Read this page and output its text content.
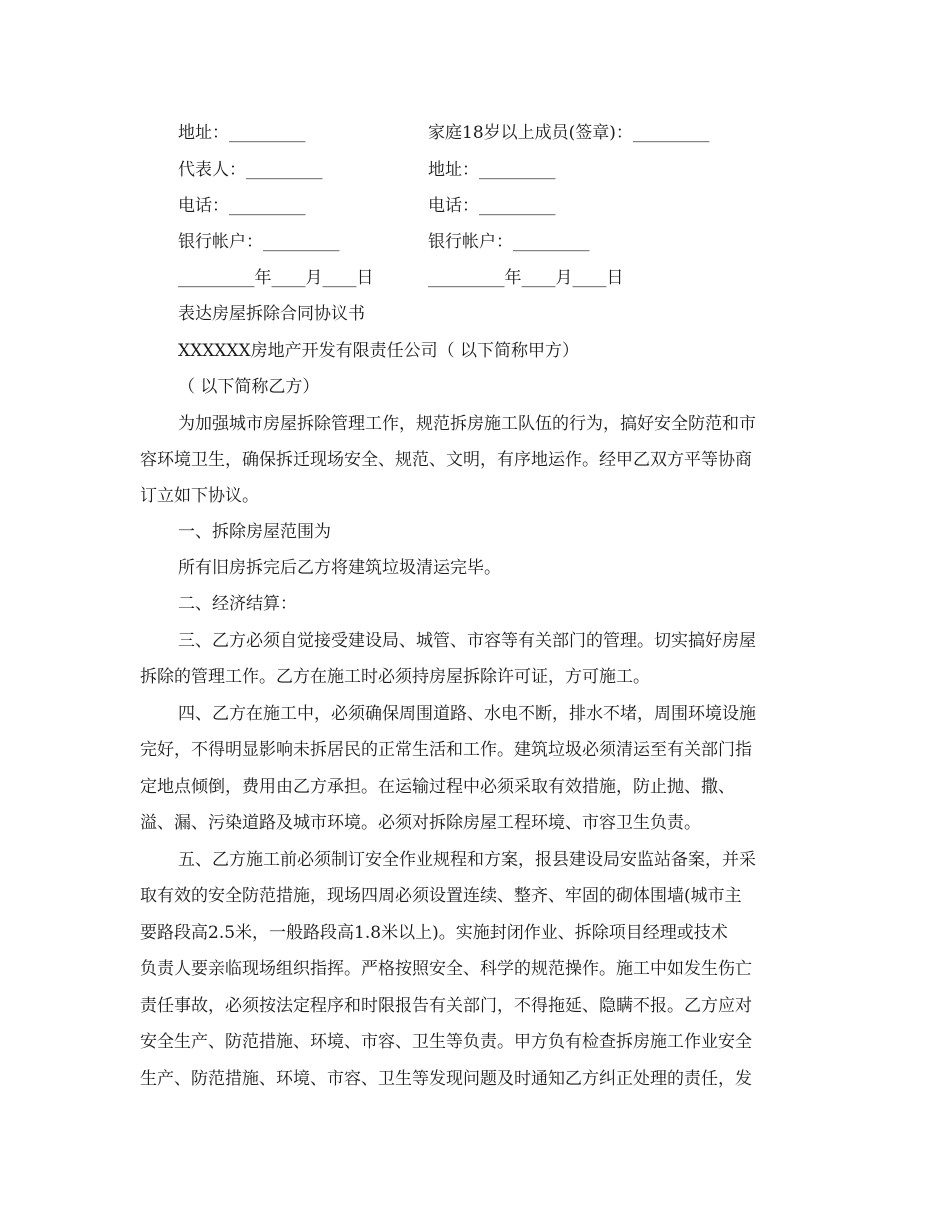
地址：_________	家庭18岁以上成员(签章)：_________
代表人：_________	地址：_________
电话：_________	电话：_________
银行帐户：_________	银行帐户：_________
_________年____月____日	_________年____月____日
表达房屋拆除合同协议书
XXXXXX房地产开发有限责任公司（ 以下简称甲方）
（ 以下简称乙方）
为加强城市房屋拆除管理工作，规范拆房施工队伍的行为，搞好安全防范和市
容环境卫生，确保拆迁现场安全、规范、文明，有序地运作。经甲乙双方平等协商
订立如下协议。
一、拆除房屋范围为
所有旧房拆完后乙方将建筑垃圾清运完毕。
二、经济结算：
三、乙方必须自觉接受建设局、城管、市容等有关部门的管理。切实搞好房屋
拆除的管理工作。乙方在施工时必须持房屋拆除许可证，方可施工。
四、乙方在施工中，必须确保周围道路、水电不断，排水不堵，周围环境设施
完好，不得明显影响未拆居民的正常生活和工作。建筑垃圾必须清运至有关部门指
定地点倾倒，费用由乙方承担。在运输过程中必须采取有效措施，防止抛、撒、
溢、漏、污染道路及城市环境。必须对拆除房屋工程环境、市容卫生负责。
五、乙方施工前必须制订安全作业规程和方案，报县建设局安监站备案，并采
取有效的安全防范措施，现场四周必须设置连续、整齐、牢固的砌体围墙(城市主
要路段高2.5米，一般路段高1.8米以上)。实施封闭作业、拆除项目经理或技术
负责人要亲临现场组织指挥。严格按照安全、科学的规范操作。施工中如发生伤亡
责任事故，必须按法定程序和时限报告有关部门，不得拖延、隐瞒不报。乙方应对
安全生产、防范措施、环境、市容、卫生等负责。甲方负有检查拆房施工作业安全
生产、防范措施、环境、市容、卫生等发现问题及时通知乙方纠正处理的责任，发
